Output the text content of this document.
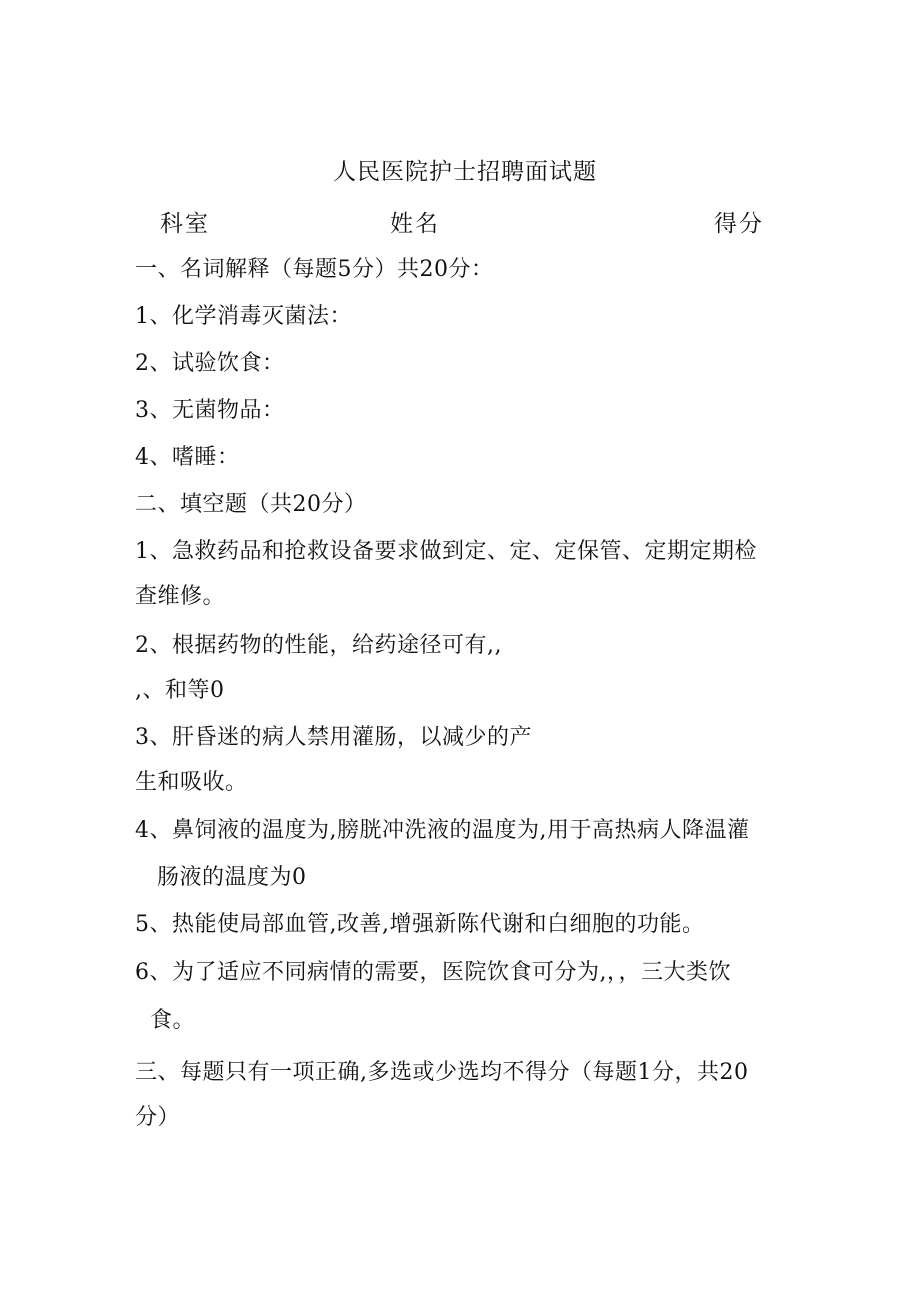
人民医院护士招聘面试题
科室	姓名	得分
一、名词解释（每题5分）共20分：
1、化学消毒灭菌法：
2、试验饮食：
3、无菌物品：
4、嗜睡：
二、填空题（共20分）
1、急救药品和抢救设备要求做到定、定、定保管、定期定期检
查维修。
2、根据药物的性能，给药途径可有,,
,、和等0
3、肝昏迷的病人禁用灌肠，以减少的产
生和吸收。
4、鼻饲液的温度为,膀胱冲洗液的温度为,用于高热病人降温灌
肠液的温度为0
5、热能使局部血管,改善,增强新陈代谢和白细胞的功能。
6、为了适应不同病情的需要，医院饮食可分为,，，三大类饮
食。
三、每题只有一项正确,多选或少选均不得分（每题1分，共20
分）
